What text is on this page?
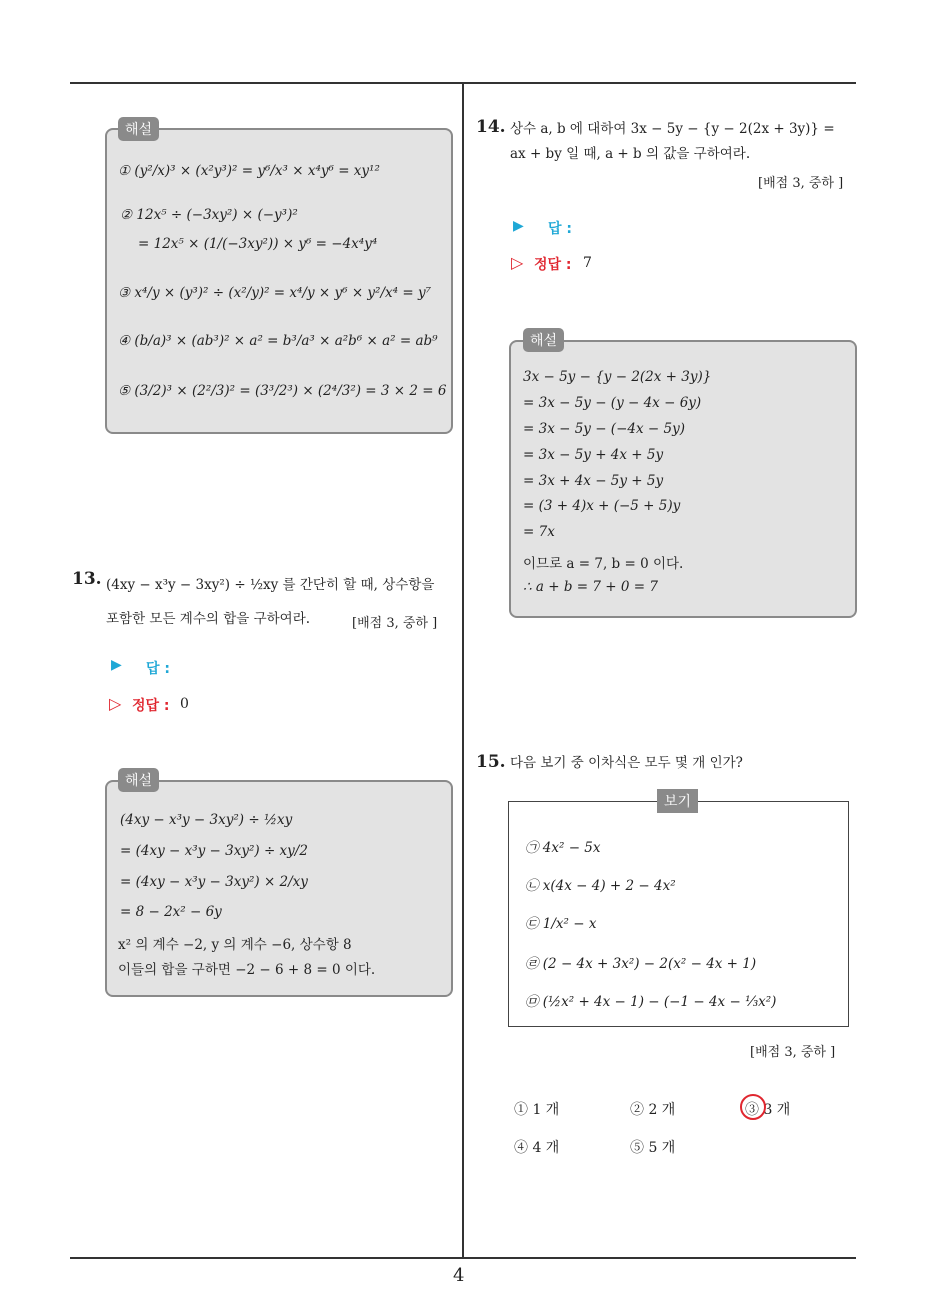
4
해설
① (y²/x)³ × (x²y³)² = y⁶/x³ × x⁴y⁶ = xy¹²
② 12x⁵ ÷ (−3xy²) × (−y³)²
= 12x⁵ × (1/(−3xy²)) × y⁶ = −4x⁴y⁴
③ x⁴/y × (y³)² ÷ (x²/y)² = x⁴/y × y⁶ × y²/x⁴ = y⁷
④ (b/a)³ × (ab³)² × a² = b³/a³ × a²b⁶ × a² = ab⁹
⑤ (3/2)³ × (2²/3)² = (3³/2³) × (2⁴/3²) = 3 × 2 = 6
13. (4xy − x³y − 3xy²) ÷ ½xy 를 간단히 할 때, 상수항을
포함한 모든 계수의 합을 구하여라.	[배점 3, 중하 ]
▶ 답 :
▷ 정답 : 0
해설
(4xy − x³y − 3xy²) ÷ ½xy
= (4xy − x³y − 3xy²) ÷ xy/2
= (4xy − x³y − 3xy²) × 2/xy
= 8 − 2x² − 6y
x² 의 계수 −2, y 의 계수 −6, 상수항 8
이들의 합을 구하면 −2 − 6 + 8 = 0 이다.
14. 상수 a, b 에 대하여 3x − 5y − {y − 2(2x + 3y)} =
ax + by 일 때, a + b 의 값을 구하여라.
[배점 3, 중하 ]
▶ 답 :
▷ 정답 : 7
해설
3x − 5y − {y − 2(2x + 3y)}
= 3x − 5y − (y − 4x − 6y)
= 3x − 5y − (−4x − 5y)
= 3x − 5y + 4x + 5y
= 3x + 4x − 5y + 5y
= (3 + 4)x + (−5 + 5)y
= 7x
이므로 a = 7, b = 0 이다.
∴ a + b = 7 + 0 = 7
15. 다음 보기 중 이차식은 모두 몇 개 인가?
보기
㉠ 4x² − 5x
㉡ x(4x − 4) + 2 − 4x²
㉢ 1/x² − x
㉣ (2 − 4x + 3x²) − 2(x² − 4x + 1)
㉤ (½x² + 4x − 1) − (−1 − 4x − ⅓x²)
[배점 3, 중하 ]
① 1 개	② 2 개	③ 3 개
④ 4 개	⑤ 5 개
